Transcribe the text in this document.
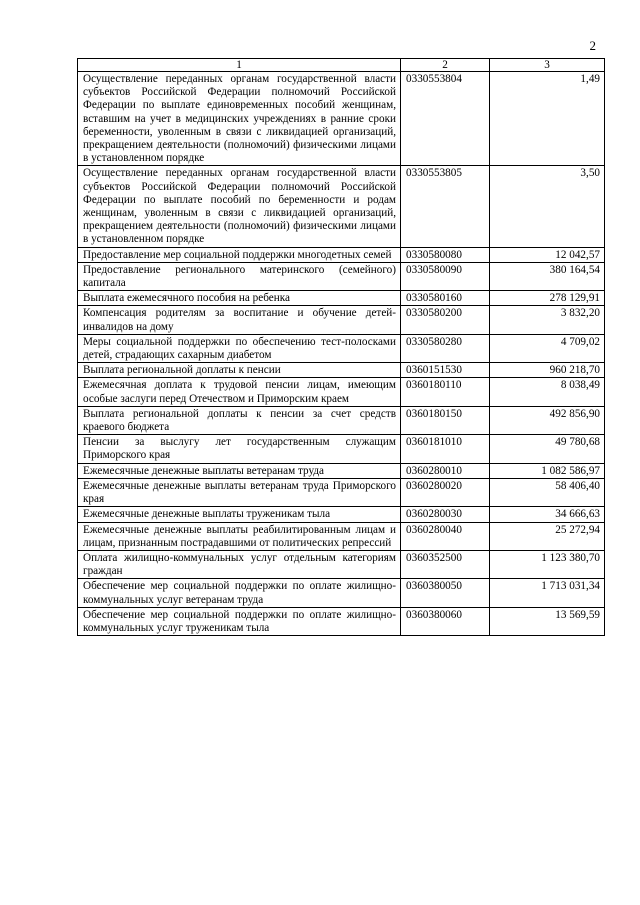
2
1	2	3
Осуществление переданных органам государственной власти субъектов Российской Федерации полномочий Российской Федерации по выплате единовременных пособий женщинам, вставшим на учет в медицинских учреждениях в ранние сроки беременности, уволенным в связи с ликвидацией организаций, прекращением деятельности (полномочий) физическими лицами в установленном порядке	0330553804	1,49
Осуществление переданных органам государственной власти субъектов Российской Федерации полномочий Российской Федерации по выплате пособий по беременности и родам женщинам, уволенным в связи с ликвидацией организаций, прекращением деятельности (полномочий) физическими лицами в установленном порядке	0330553805	3,50
Предоставление мер социальной поддержки многодетных семей	0330580080	12 042,57
Предоставление регионального материнского (семейного) капитала	0330580090	380 164,54
Выплата ежемесячного пособия на ребенка	0330580160	278 129,91
Компенсация родителям за воспитание и обучение детей-инвалидов на дому	0330580200	3 832,20
Меры социальной поддержки по обеспечению тест-полосками детей, страдающих сахарным диабетом	0330580280	4 709,02
Выплата региональной доплаты к пенсии	0360151530	960 218,70
Ежемесячная доплата к трудовой пенсии лицам, имеющим особые заслуги перед Отечеством и Приморским краем	0360180110	8 038,49
Выплата региональной доплаты к пенсии за счет средств краевого бюджета	0360180150	492 856,90
Пенсии за выслугу лет государственным служащим Приморского края	0360181010	49 780,68
Ежемесячные денежные выплаты ветеранам труда	0360280010	1 082 586,97
Ежемесячные денежные выплаты ветеранам труда Приморского края	0360280020	58 406,40
Ежемесячные денежные выплаты труженикам тыла	0360280030	34 666,63
Ежемесячные денежные выплаты реабилитированным лицам и лицам, признанным пострадавшими от политических репрессий	0360280040	25 272,94
Оплата жилищно-коммунальных услуг отдельным категориям граждан	0360352500	1 123 380,70
Обеспечение мер социальной поддержки по оплате жилищно-коммунальных услуг ветеранам труда	0360380050	1 713 031,34
Обеспечение мер социальной поддержки по оплате жилищно-коммунальных услуг труженикам тыла	0360380060	13 569,59
